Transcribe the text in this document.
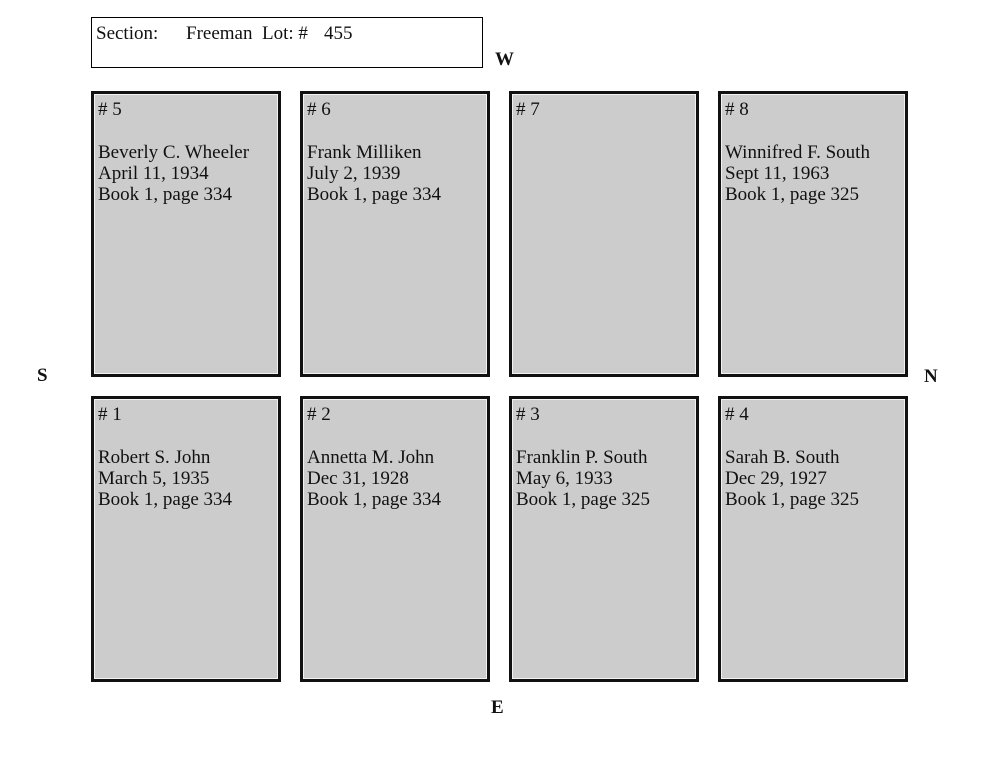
Section: Freeman Lot: # 455
W
S	N
E
# 5
Beverly C. Wheeler
April 11, 1934
Book 1, page 334
# 6
Frank Milliken
July 2, 1939
Book 1, page 334
# 7	# 8
Winnifred F. South
Sept 11, 1963
Book 1, page 325
# 1
Robert S. John
March 5, 1935
Book 1, page 334
# 2
Annetta M. John
Dec 31, 1928
Book 1, page 334
# 3
Franklin P. South
May 6, 1933
Book 1, page 325
# 4
Sarah B. South
Dec 29, 1927
Book 1, page 325
